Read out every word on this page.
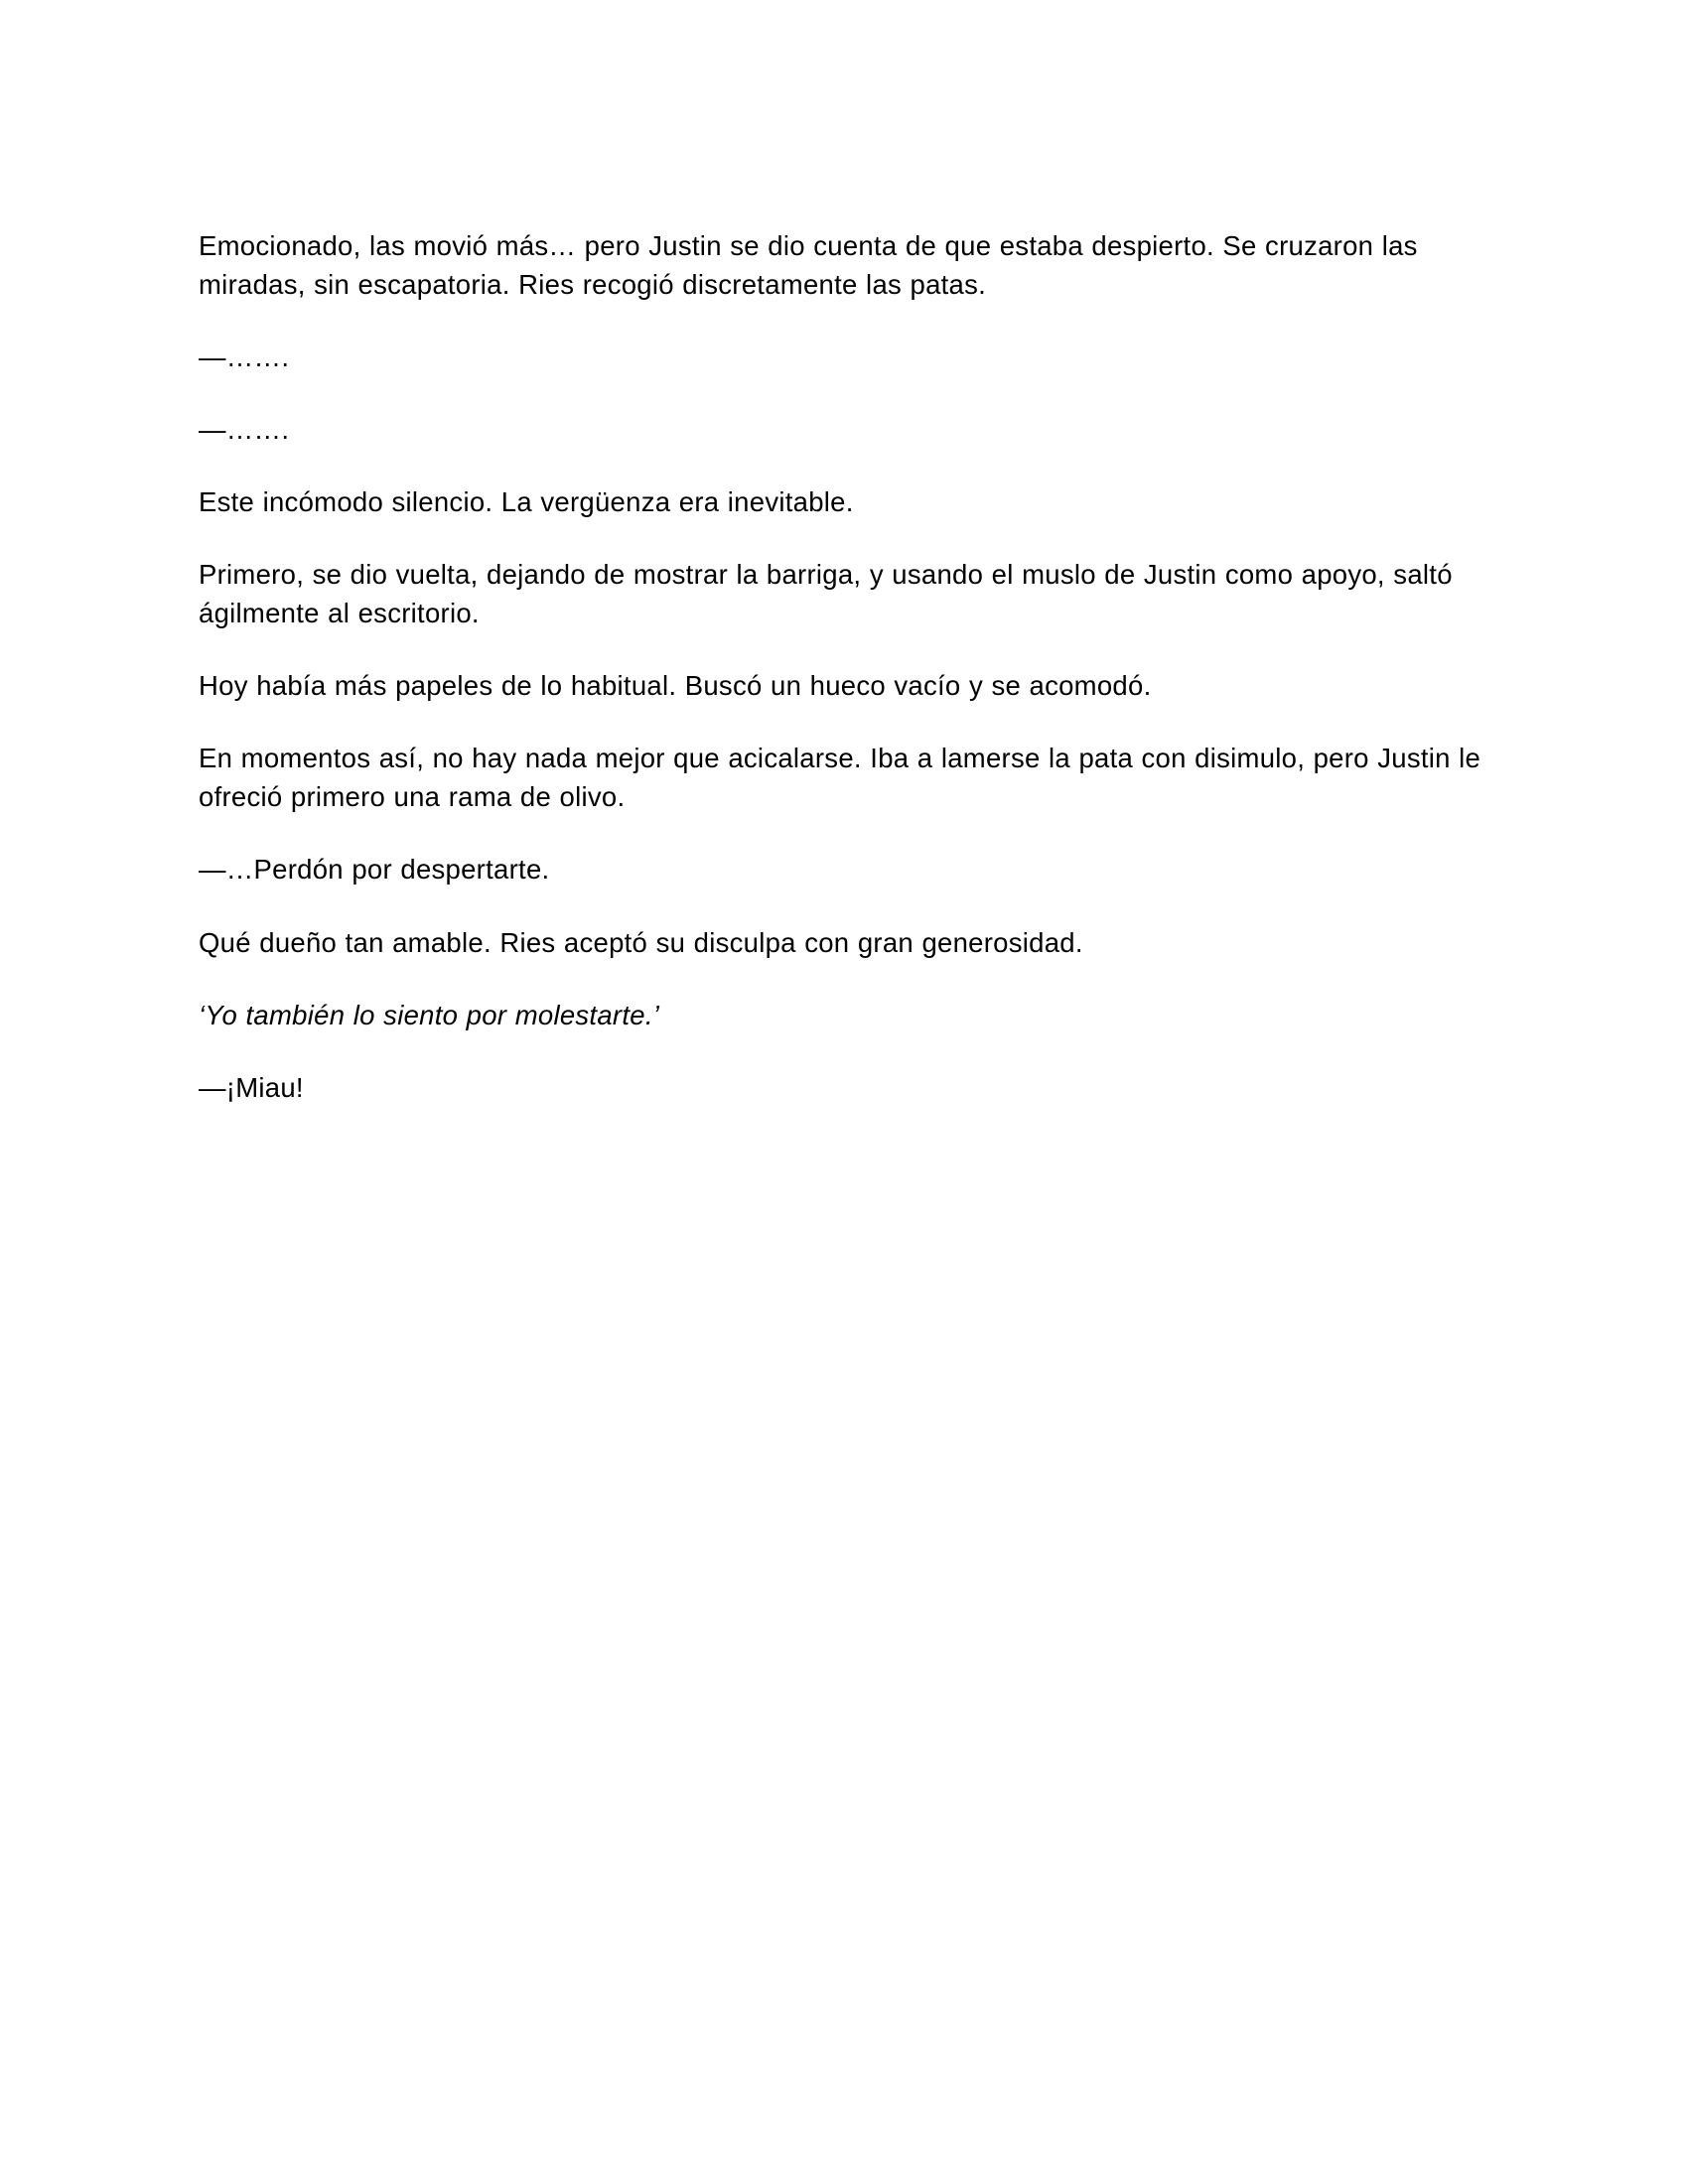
Emocionado, las movió más… pero Justin se dio cuenta de que estaba despierto. Se cruzaron las miradas, sin escapatoria. Ries recogió discretamente las patas.

—…….

—…….

Este incómodo silencio. La vergüenza era inevitable.

Primero, se dio vuelta, dejando de mostrar la barriga, y usando el muslo de Justin como apoyo, saltó ágilmente al escritorio.

Hoy había más papeles de lo habitual. Buscó un hueco vacío y se acomodó.

En momentos así, no hay nada mejor que acicalarse. Iba a lamerse la pata con disimulo, pero Justin le ofreció primero una rama de olivo.

—…Perdón por despertarte.

Qué dueño tan amable. Ries aceptó su disculpa con gran generosidad.

‘Yo también lo siento por molestarte.’

—¡Miau!
